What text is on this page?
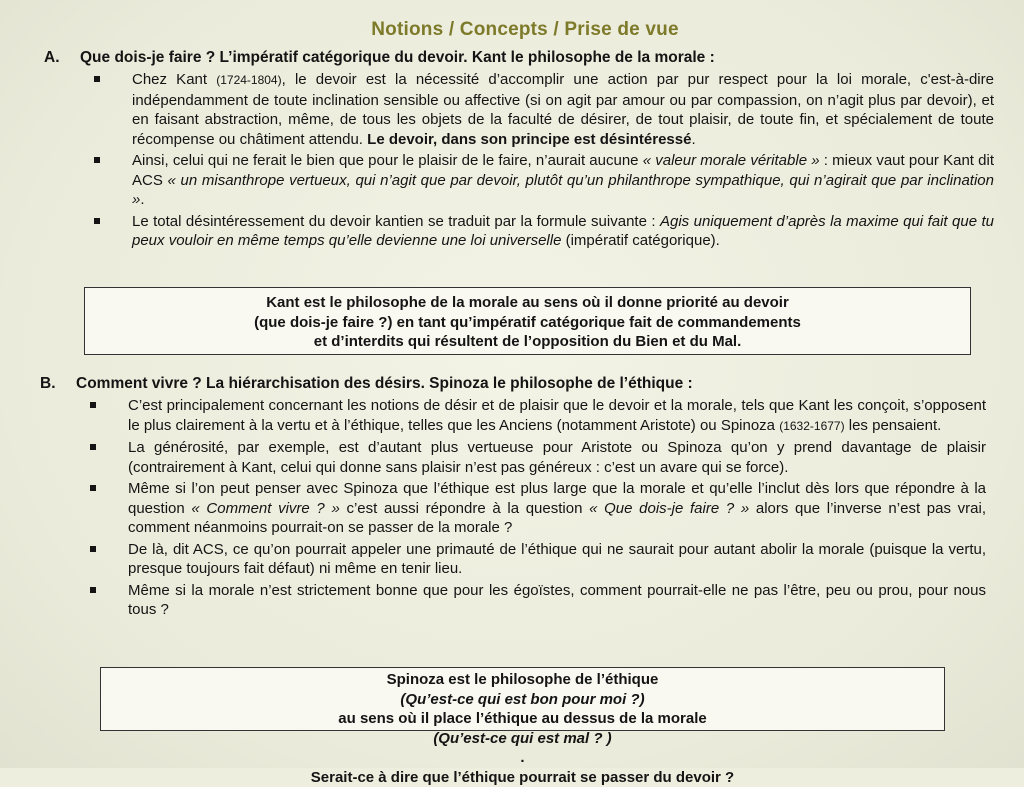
Notions / Concepts / Prise de vue
A. Que dois-je faire ? L’impératif catégorique du devoir. Kant le philosophe de la morale :
Chez Kant (1724-1804), le devoir est la nécessité d’accomplir une action par pur respect pour la loi morale, c'est-à-dire indépendamment de toute inclination sensible ou affective (si on agit par amour ou par compassion, on n’agit plus par devoir), et en faisant abstraction, même, de tous les objets de la faculté de désirer, de tout plaisir, de toute fin, et spécialement de toute récompense ou châtiment attendu. Le devoir, dans son principe est désintéressé.
Ainsi, celui qui ne ferait le bien que pour le plaisir de le faire, n’aurait aucune « valeur morale véritable » : mieux vaut pour Kant dit ACS « un misanthrope vertueux, qui n’agit que par devoir, plutôt qu’un philanthrope sympathique, qui n’agirait que par inclination ».
Le total désintéressement du devoir kantien se traduit par la formule suivante : Agis uniquement d’après la maxime qui fait que tu peux vouloir en même temps qu’elle devienne une loi universelle (impératif catégorique).
Kant est le philosophe de la morale au sens où il donne priorité au devoir
(que dois-je faire ?) en tant qu’impératif catégorique fait de commandements
et d’interdits qui résultent de l’opposition du Bien et du Mal.
B. Comment vivre ? La hiérarchisation des désirs. Spinoza le philosophe de l’éthique :
C’est principalement concernant les notions de désir et de plaisir que le devoir et la morale, tels que Kant les conçoit, s’opposent le plus clairement à la vertu et à l’éthique, telles que les Anciens (notamment Aristote) ou Spinoza (1632-1677) les pensaient.
La générosité, par exemple, est d’autant plus vertueuse pour Aristote ou Spinoza qu’on y prend davantage de plaisir (contrairement à Kant, celui qui donne sans plaisir n’est pas généreux : c’est un avare qui se force).
Même si l’on peut penser avec Spinoza que l’éthique est plus large que la morale et qu’elle l’inclut dès lors que répondre à la question « Comment vivre ? » c’est aussi répondre à la question « Que dois-je faire ? » alors que l’inverse n’est pas vrai, comment néanmoins pourrait-on se passer de la morale ?
De là, dit ACS, ce qu’on pourrait appeler une primauté de l’éthique qui ne saurait pour autant abolir la morale (puisque la vertu, presque toujours fait défaut) ni même en tenir lieu.
Même si la morale n’est strictement bonne que pour les égoïstes, comment pourrait-elle ne pas l’être, peu ou prou, pour nous tous ?
Spinoza est le philosophe de l’éthique
(Qu’est-ce qui est bon pour moi ?)
au sens où il place l’éthique au dessus de la morale
(Qu’est-ce qui est mal ? )
.
Serait-ce à dire que l’éthique pourrait se passer du devoir ?
